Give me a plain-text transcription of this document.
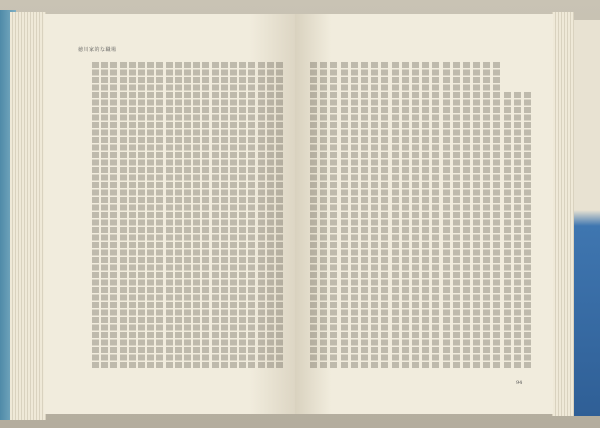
徳川家的な職場
94
